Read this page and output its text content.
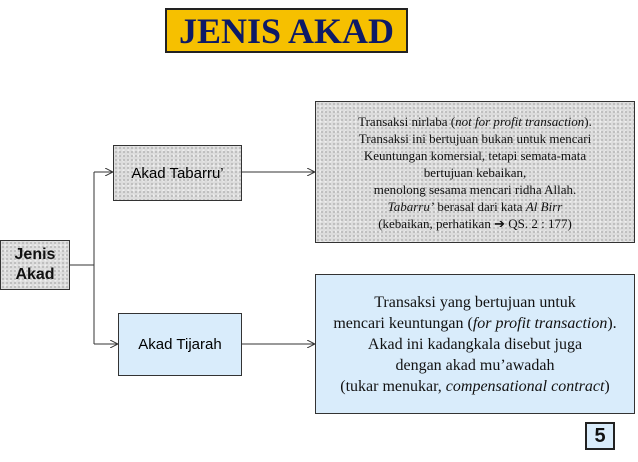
JENIS AKAD
Jenis
Akad
Akad Tabarru’
Akad Tijarah
Transaksi nirlaba (not for profit transaction).
Transaksi ini bertujuan bukan untuk mencari
Keuntungan komersial, tetapi semata-mata
bertujuan kebaikan,
menolong sesama mencari ridha Allah.
Tabarru’ berasal dari kata Al Birr
(kebaikan, perhatikan ➔ QS. 2 : 177)
Transaksi yang bertujuan untuk
mencari keuntungan (for profit transaction).
Akad ini kadangkala disebut juga
dengan akad mu’awadah
(tukar menukar, compensational contract)
5
